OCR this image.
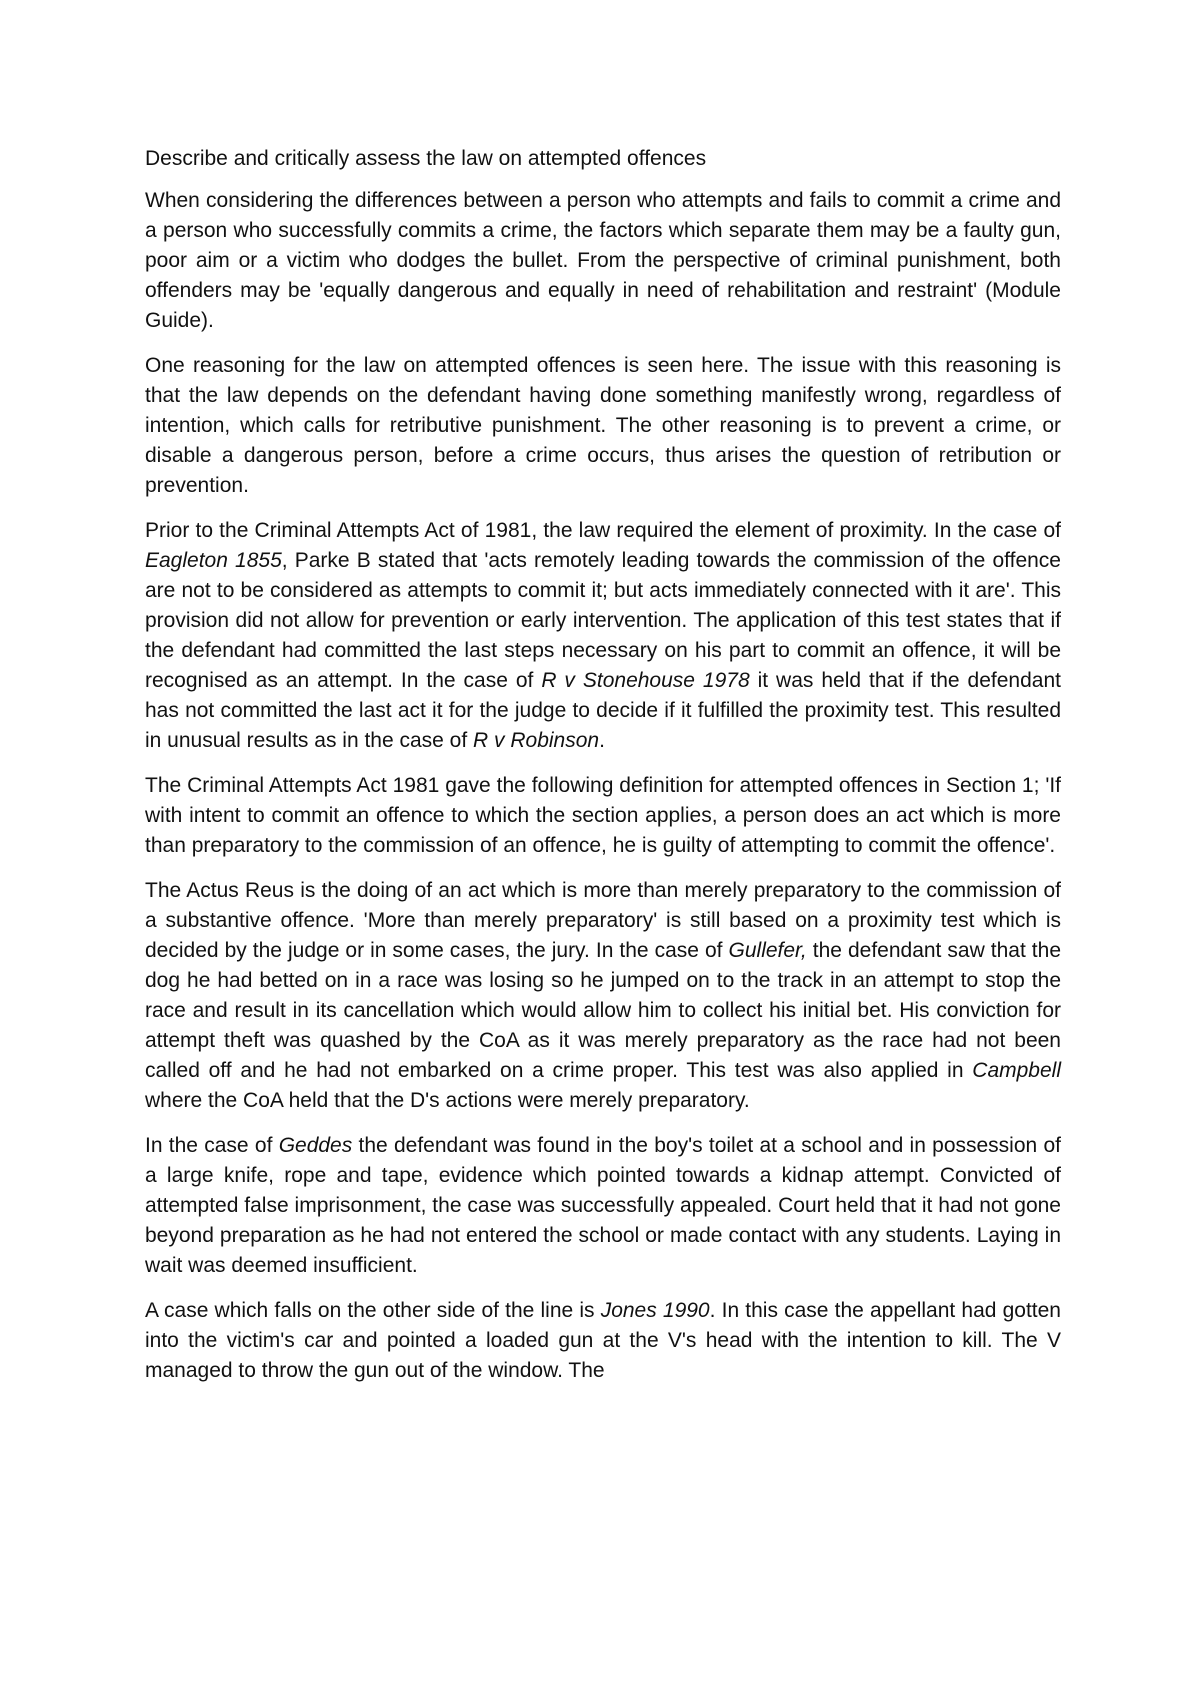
Describe and critically assess the law on attempted offences

When considering the differences between a person who attempts and fails to commit a crime and a person who successfully commits a crime, the factors which separate them may be a faulty gun, poor aim or a victim who dodges the bullet. From the perspective of criminal punishment, both offenders may be 'equally dangerous and equally in need of rehabilitation and restraint' (Module Guide).

One reasoning for the law on attempted offences is seen here. The issue with this reasoning is that the law depends on the defendant having done something manifestly wrong, regardless of intention, which calls for retributive punishment. The other reasoning is to prevent a crime, or disable a dangerous person, before a crime occurs, thus arises the question of retribution or prevention.

Prior to the Criminal Attempts Act of 1981, the law required the element of proximity. In the case of Eagleton 1855, Parke B stated that 'acts remotely leading towards the commission of the offence are not to be considered as attempts to commit it; but acts immediately connected with it are'. This provision did not allow for prevention or early intervention. The application of this test states that if the defendant had committed the last steps necessary on his part to commit an offence, it will be recognised as an attempt. In the case of R v Stonehouse 1978 it was held that if the defendant has not committed the last act it for the judge to decide if it fulfilled the proximity test. This resulted in unusual results as in the case of R v Robinson.

The Criminal Attempts Act 1981 gave the following definition for attempted offences in Section 1; 'If with intent to commit an offence to which the section applies, a person does an act which is more than preparatory to the commission of an offence, he is guilty of attempting to commit the offence'.

The Actus Reus is the doing of an act which is more than merely preparatory to the commission of a substantive offence. 'More than merely preparatory' is still based on a proximity test which is decided by the judge or in some cases, the jury. In the case of Gullefer, the defendant saw that the dog he had betted on in a race was losing so he jumped on to the track in an attempt to stop the race and result in its cancellation which would allow him to collect his initial bet. His conviction for attempt theft was quashed by the CoA as it was merely preparatory as the race had not been called off and he had not embarked on a crime proper. This test was also applied in Campbell where the CoA held that the D's actions were merely preparatory.

In the case of Geddes the defendant was found in the boy's toilet at a school and in possession of a large knife, rope and tape, evidence which pointed towards a kidnap attempt. Convicted of attempted false imprisonment, the case was successfully appealed. Court held that it had not gone beyond preparation as he had not entered the school or made contact with any students. Laying in wait was deemed insufficient.

A case which falls on the other side of the line is Jones 1990. In this case the appellant had gotten into the victim's car and pointed a loaded gun at the V's head with the intention to kill. The V managed to throw the gun out of the window. The
